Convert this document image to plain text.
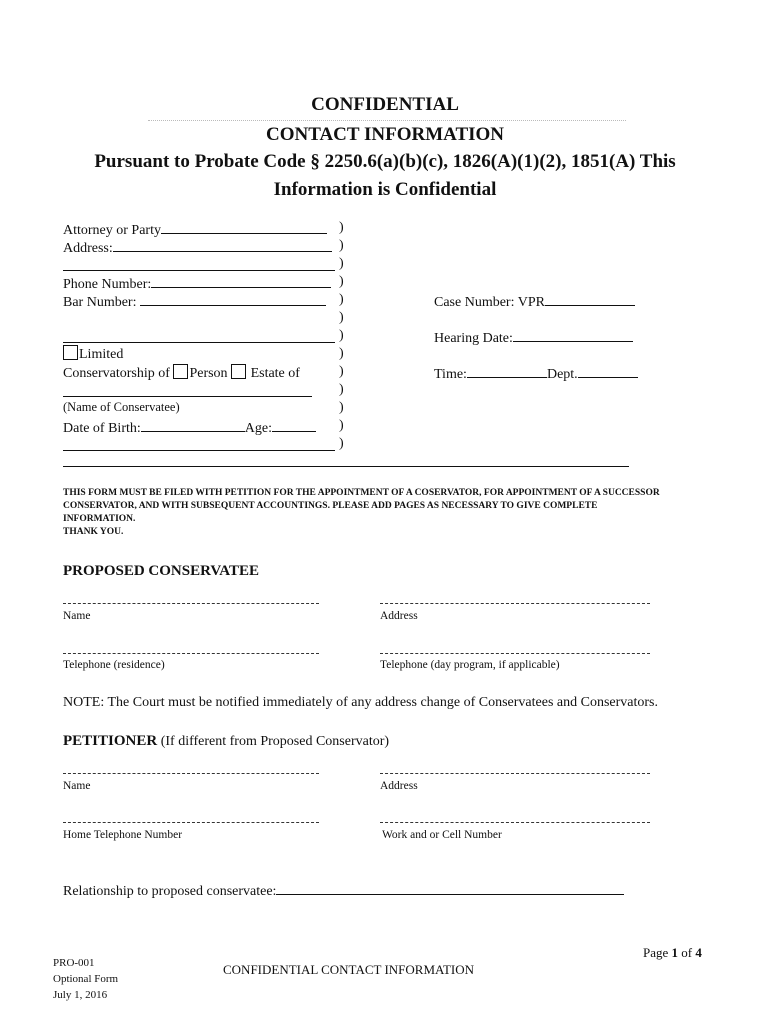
CONFIDENTIAL
CONTACT INFORMATION
Pursuant to Probate Code § 2250.6(a)(b)(c), 1826(A)(1)(2), 1851(A) This
Information is Confidential
Attorney or Party
Address:
Phone Number:
Bar Number:
Limited
Conservatorship of Person Estate of
(Name of Conservatee)
Date of Birth:	Age:
)
)
)
)
)
)
)
)
)
)
)
)
)
Case Number: VPR
Hearing Date:
Time:	Dept.
THIS FORM MUST BE FILED WITH PETITION FOR THE APPOINTMENT OF A COSERVATOR, FOR APPOINTMENT OF A SUCCESSOR
CONSERVATOR, AND WITH SUBSEQUENT ACCOUNTINGS. PLEASE ADD PAGES AS NECESSARY TO GIVE COMPLETE
INFORMATION.
THANK YOU.
PROPOSED CONSERVATEE
Name	Address
Telephone (residence)	Telephone (day program, if applicable)
NOTE: The Court must be notified immediately of any address change of Conservatees and Conservators.
PETITIONER (If different from Proposed Conservator)
Name	Address
Home Telephone Number	Work and or Cell Number
Relationship to proposed conservatee:
PRO-001
Optional Form
July 1, 2016
CONFIDENTIAL CONTACT INFORMATION
Page 1 of 4
